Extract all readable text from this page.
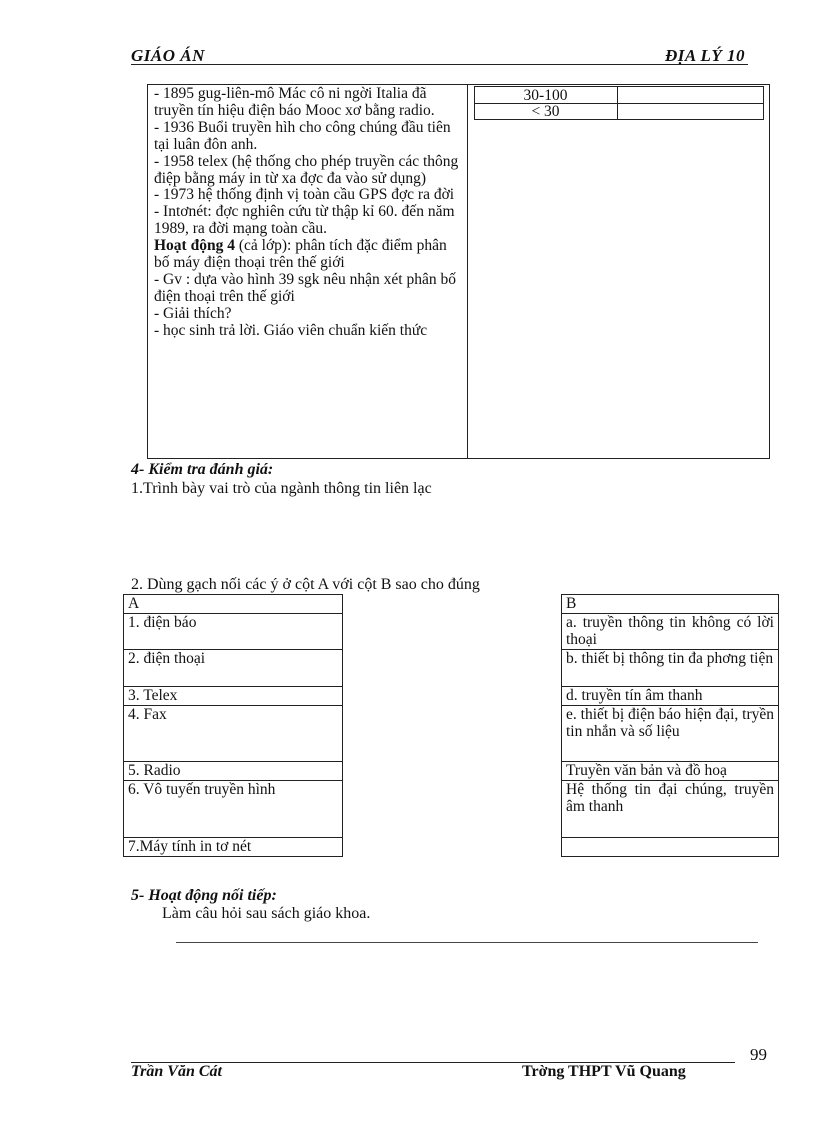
GIÁO ÁN	ĐỊA LÝ 10

- 1895 gug-liên-mô Mác cô ni ngời Italia đã truyền tín hiệu điện báo Mooc xơ bằng radio.

- 1936 Buổi truyền hìh cho công chúng đầu tiên tại luân đôn anh.

- 1958 telex (hệ thống cho phép truyền các thông điệp bằng máy in từ xa đợc đa vào sử dụng)

- 1973 hệ thống định vị toàn cầu GPS đợc ra đời

- Intơnét: đợc nghiên cứu từ thập kỉ 60. đến năm 1989, ra đời mạng toàn cầu.

Hoạt động 4 (cả lớp): phân tích đặc điểm phân bố máy điện thoại trên thế giới

- Gv : dựa vào hình 39 sgk nêu nhận xét phân bố điện thoại trên thế giới

- Giải thích?

- học sinh trả lời. Giáo viên chuẩn kiến thức

30-100
< 30
4- Kiểm tra đánh giá:
1.Trình bày vai trò của ngành thông tin liên lạc
2. Dùng gạch nối các ý ở cột A với cột B sao cho đúng
A		B
1. điện báo		a. truyền thông tin không có lời thoại
2. điện thoại		b. thiết bị thông tin đa phơng tiện
3. Telex		d. truyền tín âm thanh
4. Fax		e. thiết bị điện báo hiện đại, tryền tin nhắn và số liệu
5. Radio		Truyền văn bản và đồ hoạ
6. Vô tuyến truyền hình		Hệ thống tin đại chúng, truyền âm thanh
7.Máy tính in tơ nét		
5- Hoạt động nối tiếp:
Làm câu hỏi sau sách giáo khoa.
99
Trần Văn Cát	Trờng THPT Vũ Quang
